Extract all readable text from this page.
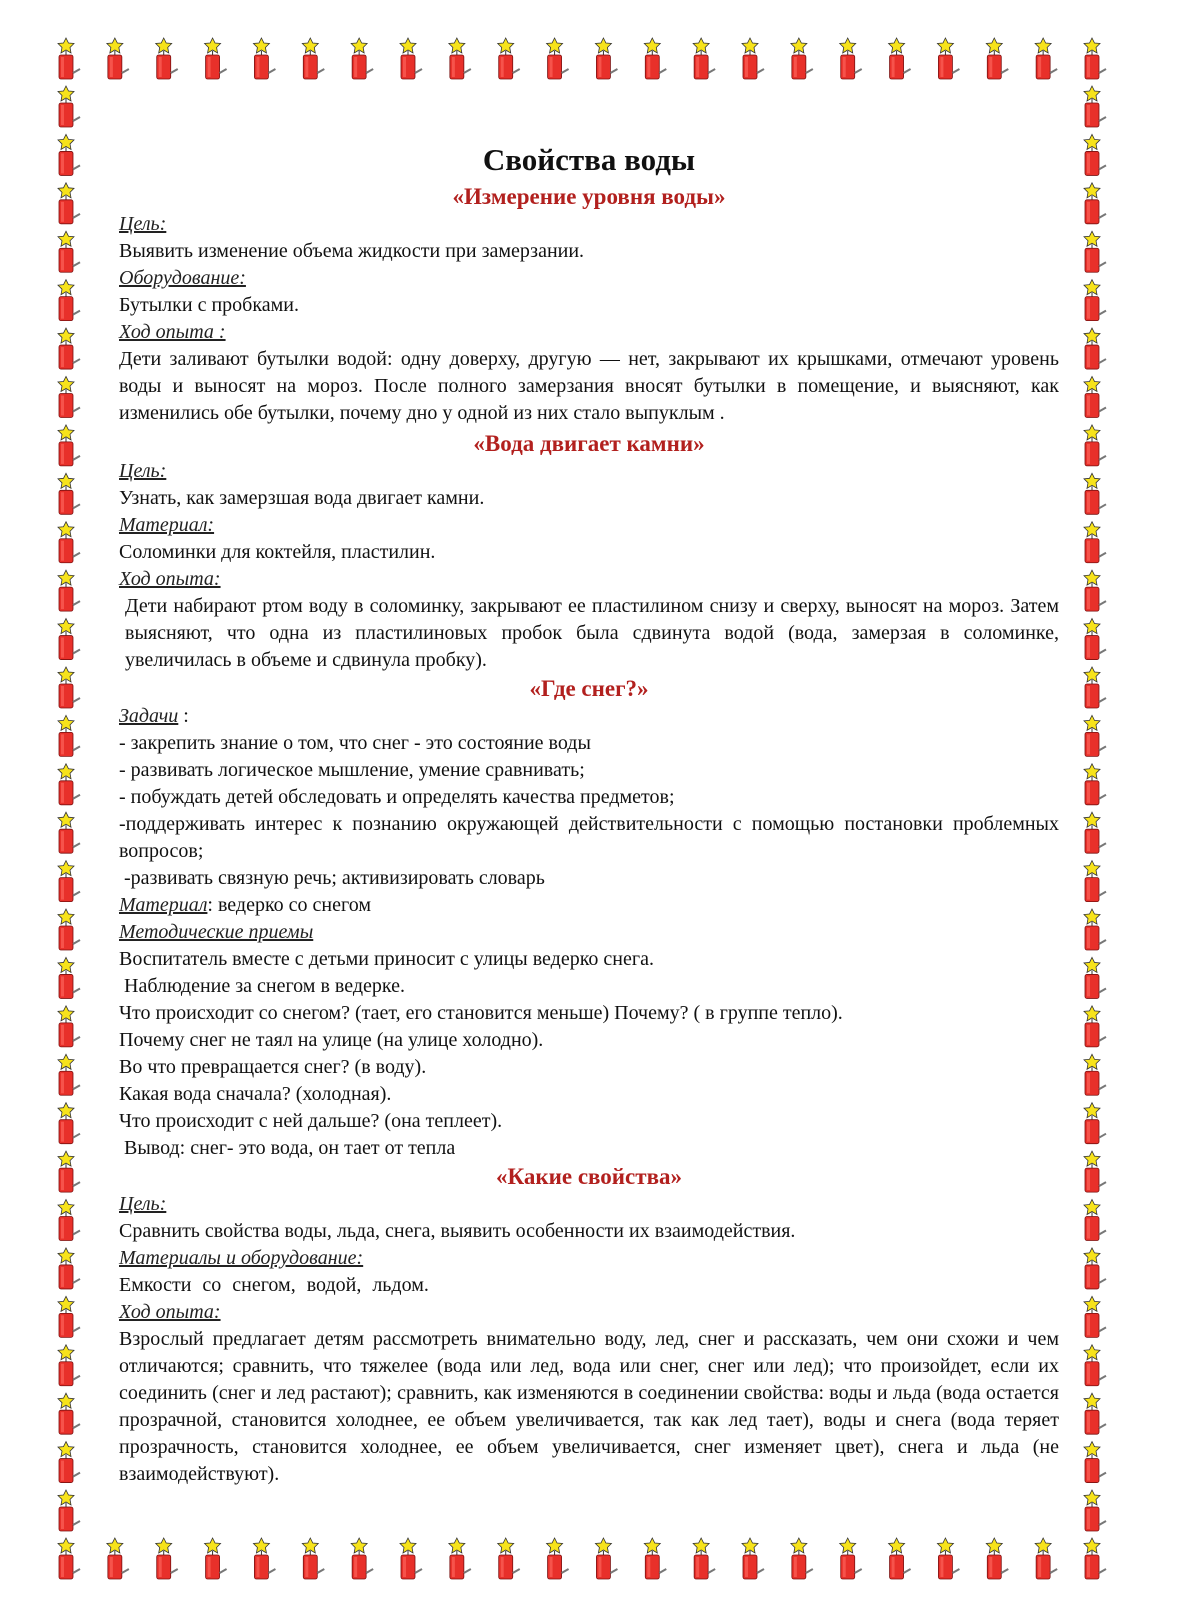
Свойства воды
«Измерение уровня воды»
Цель:

Выявить изменение объема жидкости при замерзании.

Оборудование:

Бутылки с пробками.

Ход опыта :

Дети заливают бутылки водой: одну доверху, другую — нет, закрывают их крышками, отмечают уровень воды и выносят на мороз. После полного замерзания вносят бутылки в помещение, и выясняют, как изменились обе бутылки, почему дно у одной из них стало выпуклым .

«Вода двигает камни»
Цель:

Узнать, как замерзшая вода двигает камни.

Материал:

Соломинки для коктейля, пластилин.

Ход опыта:

Дети набирают ртом воду в соломинку, закрывают ее пластилином снизу и сверху, выносят на мороз. Затем выясняют, что одна из пластилиновых пробок была сдвинута водой (вода, замерзая в соломинке, увеличилась в объеме и сдвинула пробку).

«Где снег?»
Задачи :

- закрепить знание о том, что снег - это состояние воды

- развивать логическое мышление, умение сравнивать;

- побуждать детей обследовать и определять качества предметов;

-поддерживать интерес к познанию окружающей действительности с помощью постановки проблемных вопросов;

-развивать связную речь; активизировать словарь

Материал: ведерко со снегом
Методические приемы

Воспитатель вместе с детьми приносит с улицы ведерко снега.

Наблюдение за снегом в ведерке.

Что происходит со снегом? (тает, его становится меньше) Почему? ( в группе тепло).

Почему снег не таял на улице (на улице холодно).

Во что превращается снег? (в воду).

Какая вода сначала? (холодная).

Что происходит с ней дальше? (она теплеет).

Вывод: снег- это вода, он тает от тепла

«Какие свойства»
Цель:

Сравнить свойства воды, льда, снега, выявить особенности их взаимодействия.

Материалы и оборудование:

Емкости со снегом, водой, льдом.

Ход опыта:

Взрослый предлагает детям рассмотреть внимательно воду, лед, снег и рассказать, чем они схожи и чем отличаются; сравнить, что тяжелее (вода или лед, вода или снег, снег или лед); что произойдет, если их соединить (снег и лед растают); сравнить, как изменяются в соединении свойства: воды и льда (вода остается прозрачной, становится холоднее, ее объем увеличивается, так как лед тает), воды и снега (вода теряет прозрачность, становится холоднее, ее объем увеличивается, снег изменяет цвет), снега и льда (не взаимодействуют).
